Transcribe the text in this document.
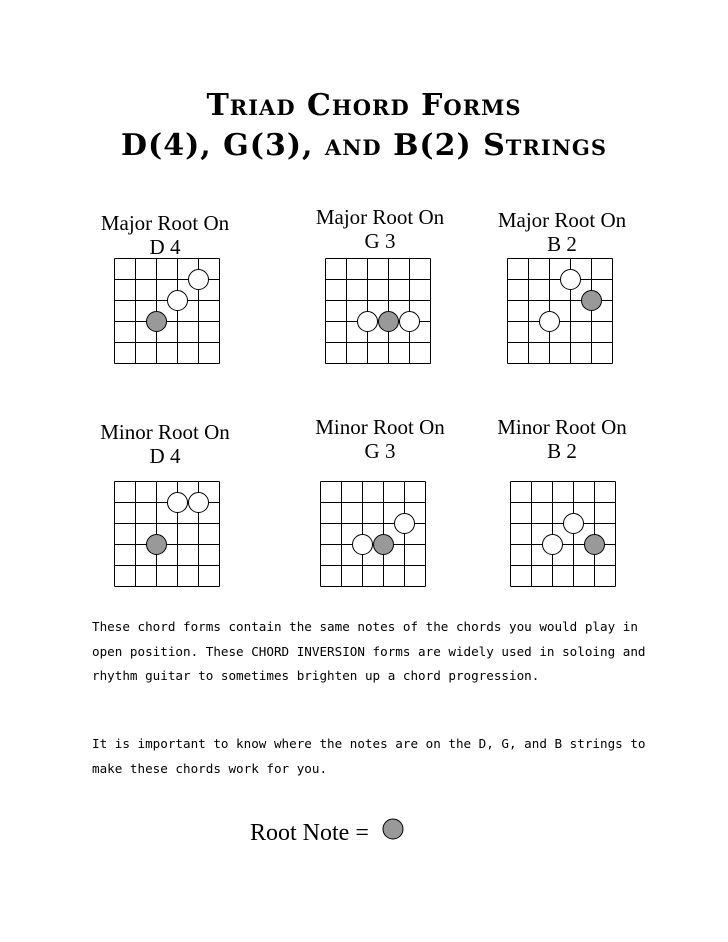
Triad Chord Forms
D(4), G(3), and B(2) Strings
Major Root On
D 4
Major Root On
G 3
Major Root On
B 2
Minor Root On
D 4
Minor Root On
G 3
Minor Root On
B 2

These chord forms contain the same notes of the chords you would play in open position. These CHORD INVERSION forms are widely used in soloing and rhythm guitar to sometimes brighten up a chord progression.

It is important to know where the notes are on the D, G, and B strings to make these chords work for you.

Root Note =
